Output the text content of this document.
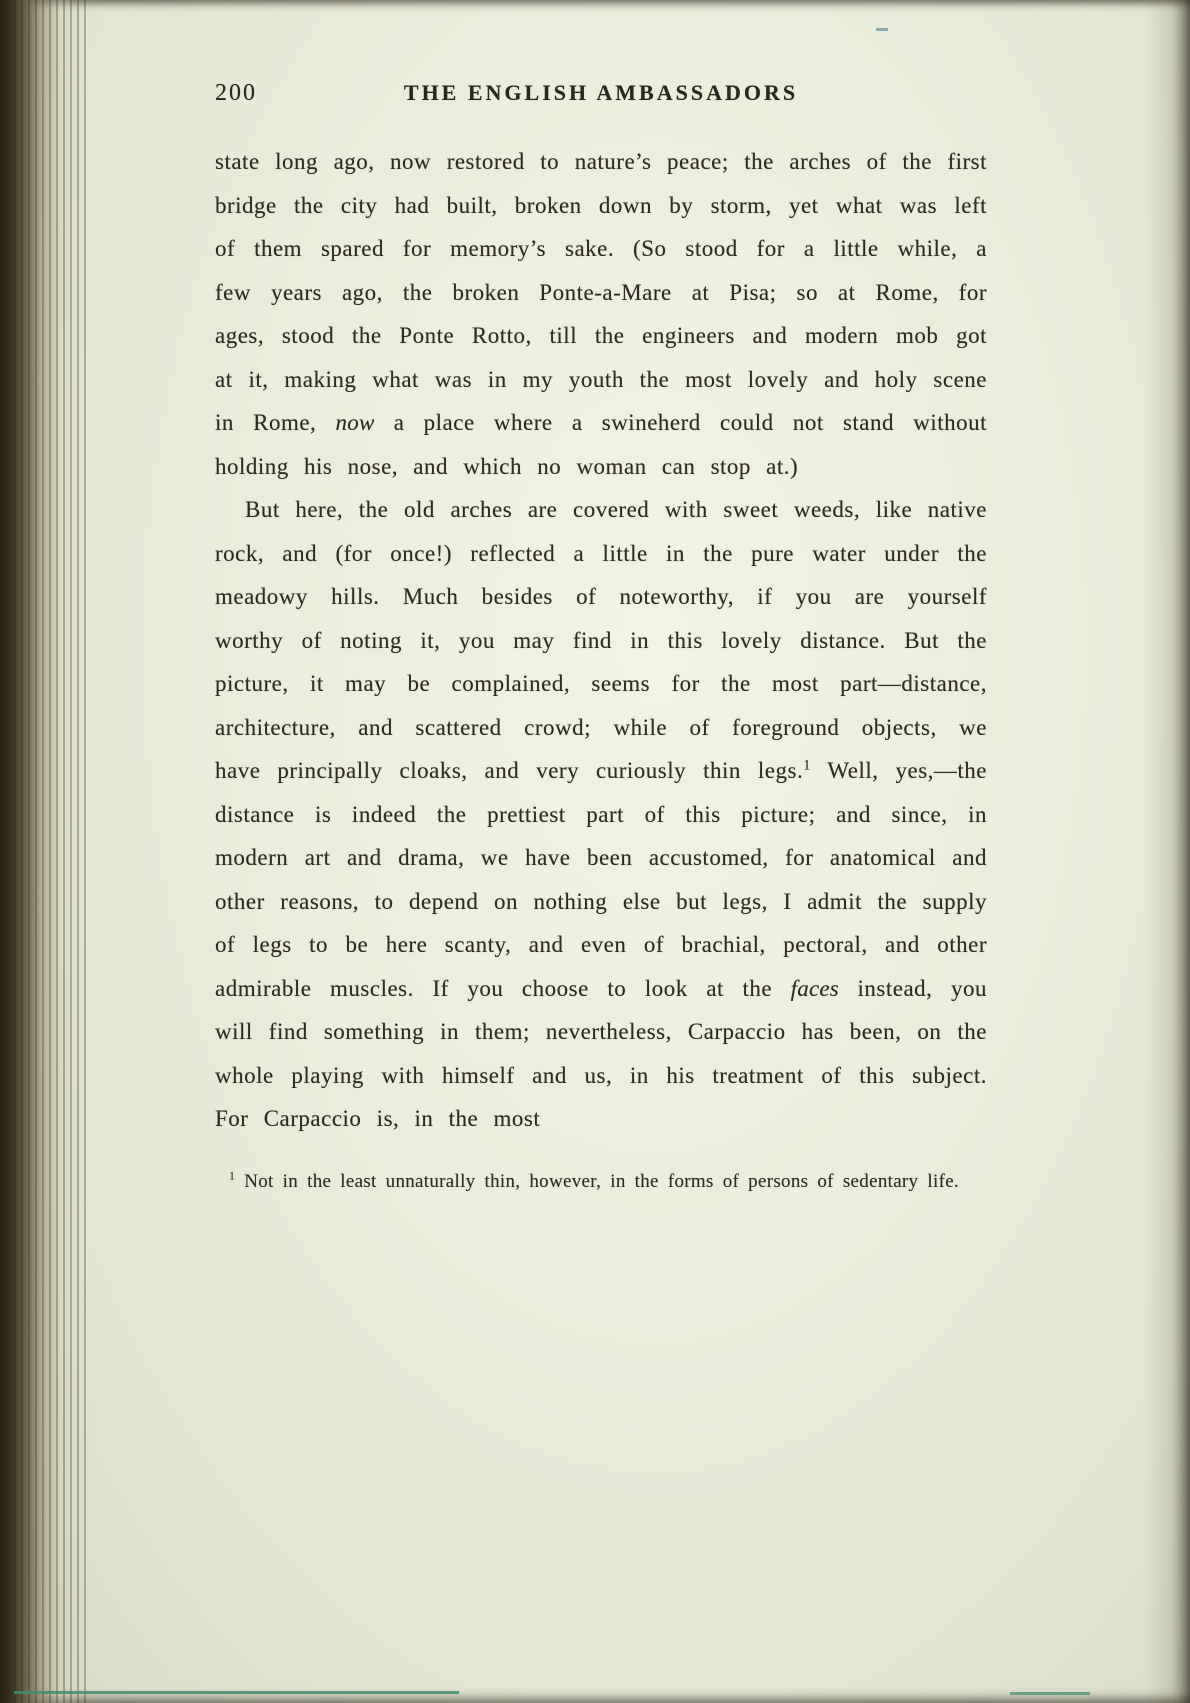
200	THE ENGLISH AMBASSADORS

state long ago, now restored to nature’s peace; the arches of the first bridge the city had built, broken down by storm, yet what was left of them spared for memory’s sake. (So stood for a little while, a few years ago, the broken Ponte-a-Mare at Pisa; so at Rome, for ages, stood the Ponte Rotto, till the engineers and modern mob got at it, making what was in my youth the most lovely and holy scene in Rome, now a place where a swineherd could not stand without holding his nose, and which no woman can stop at.)

But here, the old arches are covered with sweet weeds, like native rock, and (for once!) reflected a little in the pure water under the meadowy hills. Much besides of noteworthy, if you are yourself worthy of noting it, you may find in this lovely distance. But the picture, it may be complained, seems for the most part—distance, architecture, and scattered crowd; while of foreground objects, we have principally cloaks, and very curiously thin legs.$^1$ Well, yes,—the distance is indeed the prettiest part of this picture; and since, in modern art and drama, we have been accustomed, for anatomical and other reasons, to depend on nothing else but legs, I admit the supply of legs to be here scanty, and even of brachial, pectoral, and other admirable muscles. If you choose to look at the faces instead, you will find something in them; nevertheless, Carpaccio has been, on the whole playing with himself and us, in his treatment of this subject. For Carpaccio is, in the most

$^1$ Not in the least unnaturally thin, however, in the forms of persons of sedentary life.
